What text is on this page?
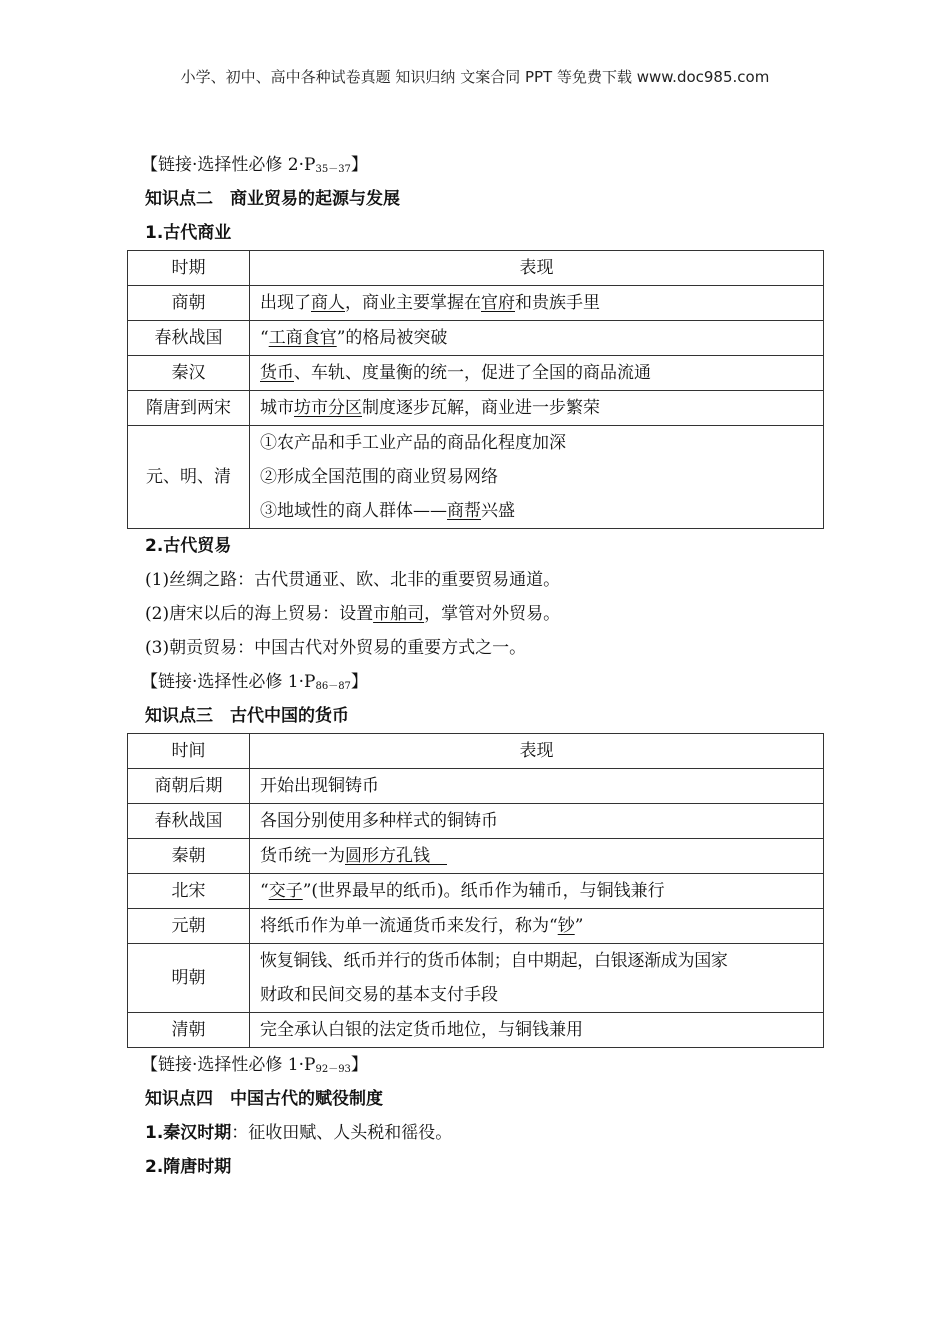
小学、初中、高中各种试卷真题 知识归纳 文案合同 PPT 等免费下载 www.doc985.com
【链接·选择性必修 $2\cdot P_{35-37}$】
知识点二　商业贸易的起源与发展
1.古代商业
时期	表现
商朝	出现了商人，商业主要掌握在官府和贵族手里
春秋战国	“工商食官”的格局被突破
秦汉	货币、车轨、度量衡的统一，促进了全国的商品流通
隋唐到两宋	城市坊市分区制度逐步瓦解，商业进一步繁荣
元、明、清	①农产品和手工业产品的商品化程度加深
②形成全国范围的商业贸易网络
③地域性的商人群体——商帮兴盛
2.古代贸易
(1)丝绸之路：古代贯通亚、欧、北非的重要贸易通道。
(2)唐宋以后的海上贸易：设置市舶司，掌管对外贸易。
(3)朝贡贸易：中国古代对外贸易的重要方式之一。
【链接·选择性必修 $1\cdot P_{86-87}$】
知识点三　古代中国的货币
时间	表现
商朝后期	开始出现铜铸币
春秋战国	各国分别使用多种样式的铜铸币
秦朝	货币统一为圆形方孔钱　
北宋	“交子”(世界最早的纸币)。纸币作为辅币，与铜钱兼行
元朝	将纸币作为单一流通货币来发行，称为“钞”
明朝	恢复铜钱、纸币并行的货币体制；自中期起，白银逐渐成为国家
财政和民间交易的基本支付手段

清朝	完全承认白银的法定货币地位，与铜钱兼用
【链接·选择性必修 $1\cdot P_{92-93}$】
知识点四　中国古代的赋役制度
1.秦汉时期：征收田赋、人头税和徭役。
2.隋唐时期
